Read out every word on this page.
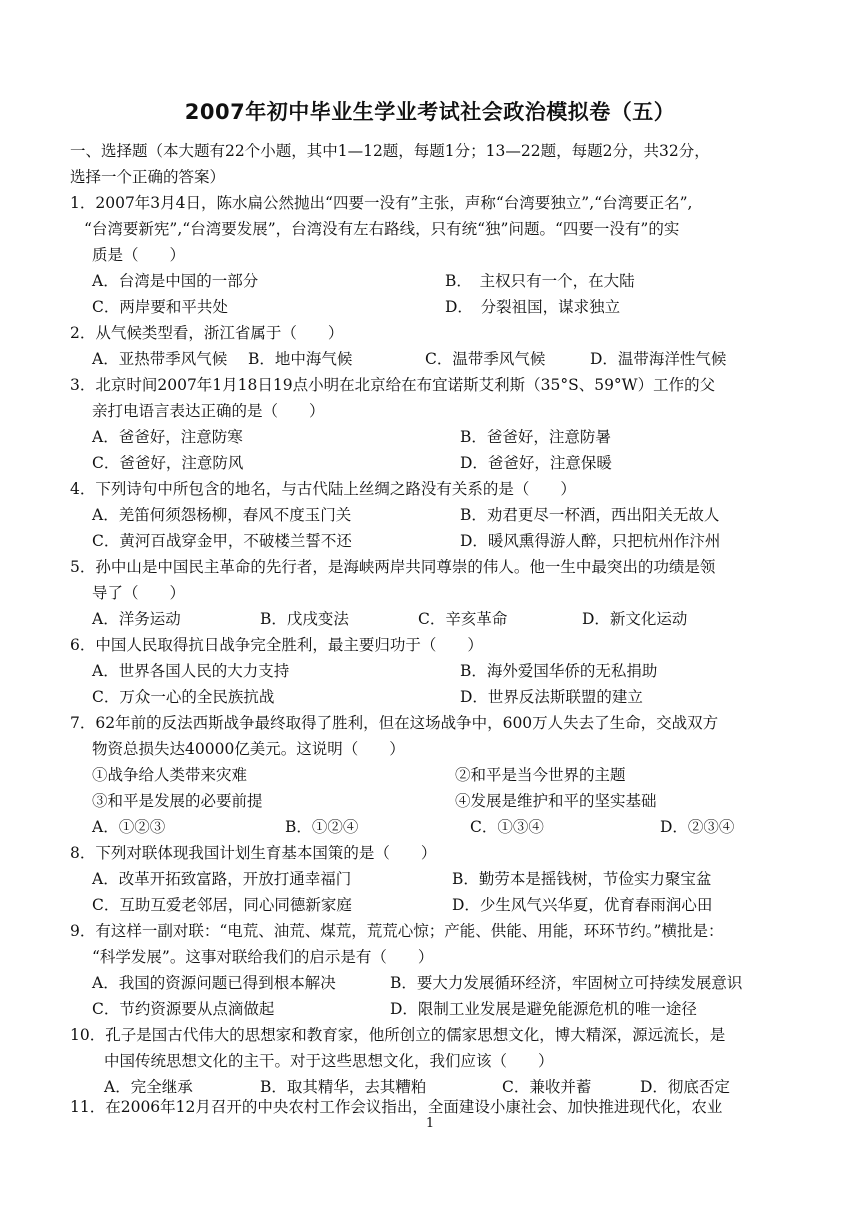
2007年初中毕业生学业考试社会政治模拟卷（五）
一、选择题（本大题有22个小题，其中1—12题，每题1分；13—22题，每题2分，共32分，
选择一个正确的答案）
1．2007年3月4日，陈水扁公然抛出“四要一没有”主张，声称“台湾要独立”,“台湾要正名”,
“台湾要新宪”,“台湾要发展”，台湾没有左右路线，只有统“独”问题。“四要一没有”的实
质是（　　）
A．台湾是中国的一部分	B．　主权只有一个，在大陆
C．两岸要和平共处	D．　分裂祖国，谋求独立
2．从气候类型看，浙江省属于（　　）
A．亚热带季风气候 B．地中海气候	C．温带季风气候	D．温带海洋性气候
3．北京时间2007年1月18日19点小明在北京给在布宜诺斯艾利斯（35°S、59°W）工作的父
亲打电语言表达正确的是（　　）
A．爸爸好，注意防寒	B．爸爸好，注意防暑
C．爸爸好，注意防风	D．爸爸好，注意保暖
4．下列诗句中所包含的地名，与古代陆上丝绸之路没有关系的是（　　）
A．羌笛何须怨杨柳，春风不度玉门关	B．劝君更尽一杯酒，西出阳关无故人
C．黄河百战穿金甲，不破楼兰誓不还	D．暖风熏得游人醉，只把杭州作汴州
5．孙中山是中国民主革命的先行者，是海峡两岸共同尊崇的伟人。他一生中最突出的功绩是领
导了（　　）
A．洋务运动	B．戊戌变法	C．辛亥革命	D．新文化运动
6．中国人民取得抗日战争完全胜利，最主要归功于（　　）
A．世界各国人民的大力支持	B．海外爱国华侨的无私捐助
C．万众一心的全民族抗战	D．世界反法斯联盟的建立
7．62年前的反法西斯战争最终取得了胜利，但在这场战争中，600万人失去了生命，交战双方
物资总损失达40000亿美元。这说明（　　）
①战争给人类带来灾难	②和平是当今世界的主题
③和平是发展的必要前提	④发展是维护和平的坚实基础
A．①②③	B．①②④	C．①③④	D．②③④
8．下列对联体现我国计划生育基本国策的是（　　）
A．改革开拓致富路，开放打通幸福门	B．勤劳本是摇钱树，节俭实力聚宝盆
C．互助互爱老邻居，同心同德新家庭	D．少生风气兴华夏，优育春雨润心田
9．有这样一副对联：“电荒、油荒、煤荒，荒荒心惊；产能、供能、用能，环环节约。”横批是：
“科学发展”。这事对联给我们的启示是有（　　）
A．我国的资源问题已得到根本解决	B．要大力发展循环经济，牢固树立可持续发展意识
C．节约资源要从点滴做起	D．限制工业发展是避免能源危机的唯一途径
10．孔子是国古代伟大的思想家和教育家，他所创立的儒家思想文化，博大精深，源远流长，是
中国传统思想文化的主干。对于这些思想文化，我们应该（　　）
A．完全继承	B．取其精华，去其糟粕	C．兼收并蓄	D．彻底否定
11．在2006年12月召开的中央农村工作会议指出，全面建设小康社会、加快推进现代化，农业
1
